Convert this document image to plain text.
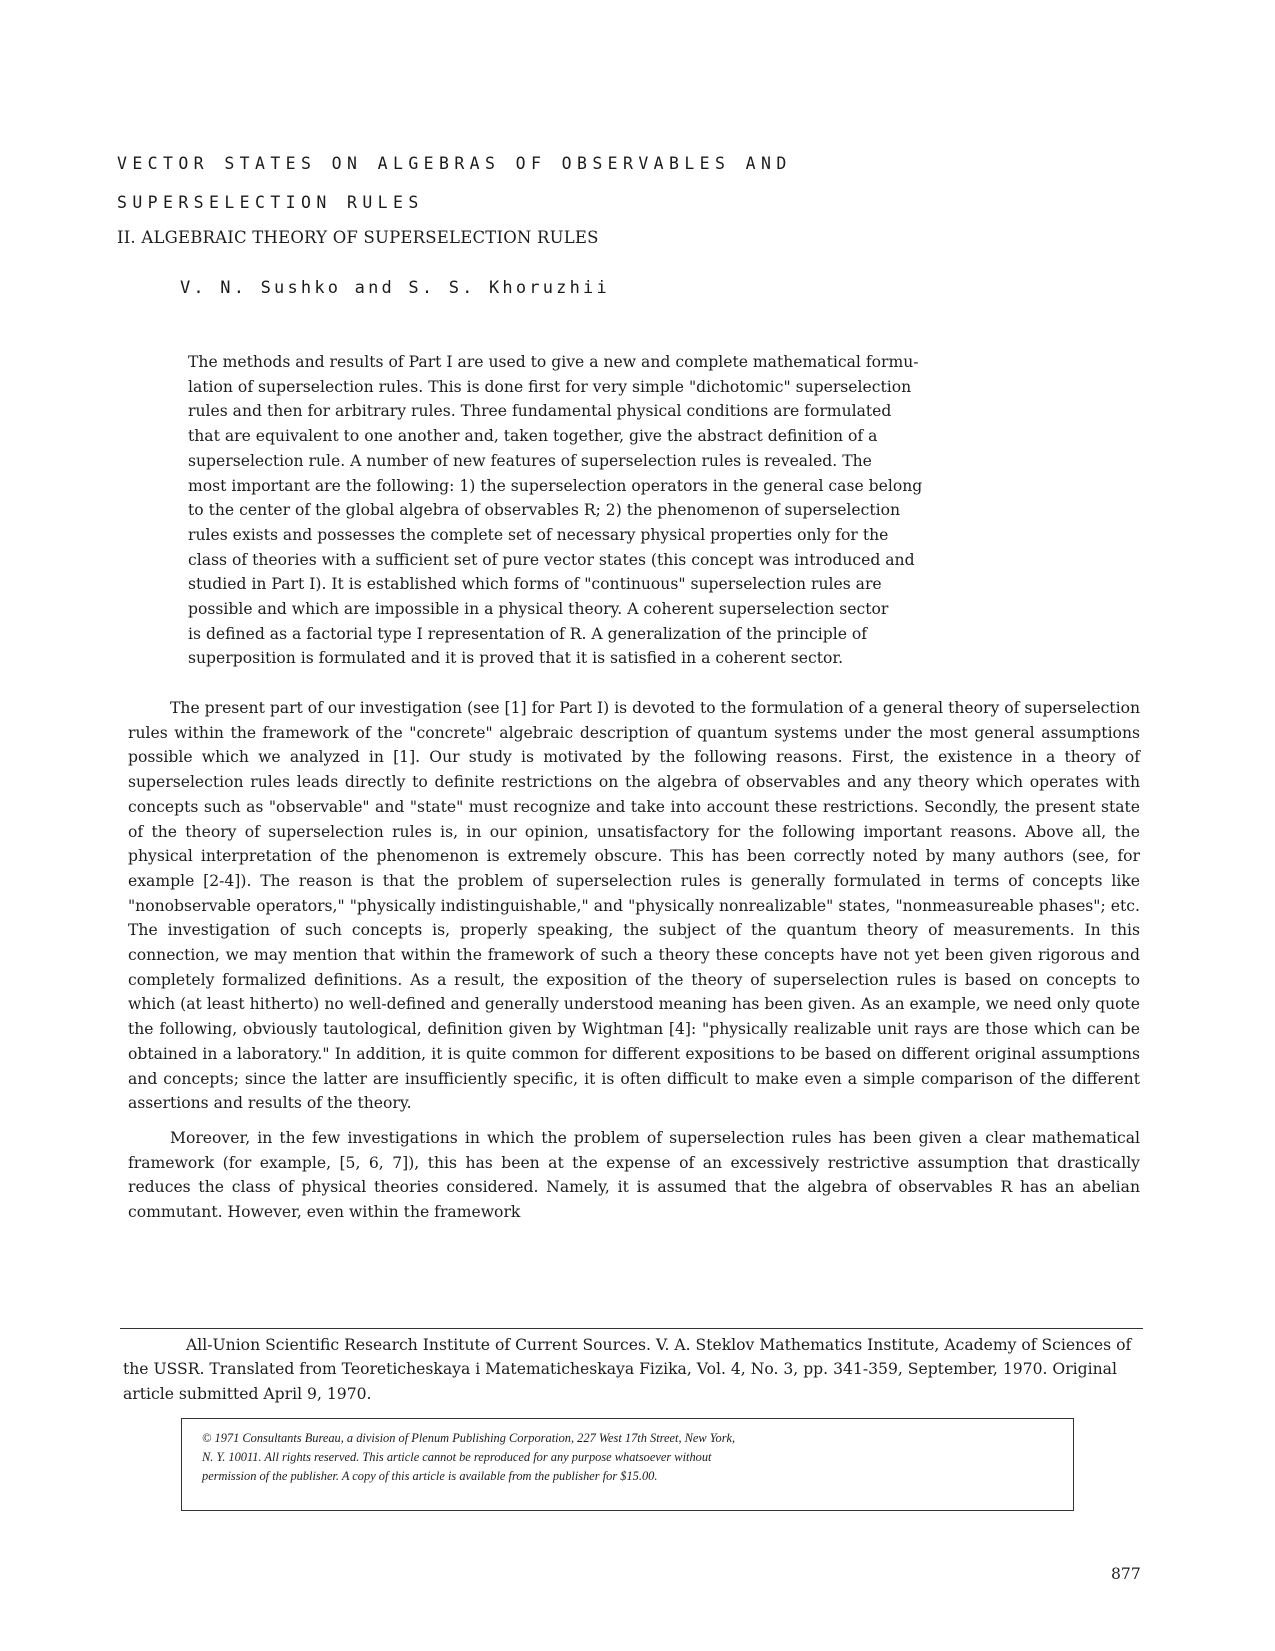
VECTOR STATES ON ALGEBRAS OF OBSERVABLES AND
SUPERSELECTION RULES
II. ALGEBRAIC THEORY OF SUPERSELECTION RULES
V. N. Sushko and S. S. Khoruzhii
The methods and results of Part I are used to give a new and complete mathematical formu-
lation of superselection rules. This is done first for very simple "dichotomic" superselection
rules and then for arbitrary rules. Three fundamental physical conditions are formulated
that are equivalent to one another and, taken together, give the abstract definition of a
superselection rule. A number of new features of superselection rules is revealed. The
most important are the following: 1) the superselection operators in the general case belong
to the center of the global algebra of observables R; 2) the phenomenon of superselection
rules exists and possesses the complete set of necessary physical properties only for the
class of theories with a sufficient set of pure vector states (this concept was introduced and
studied in Part I). It is established which forms of "continuous" superselection rules are
possible and which are impossible in a physical theory. A coherent superselection sector
is defined as a factorial type I representation of R. A generalization of the principle of
superposition is formulated and it is proved that it is satisfied in a coherent sector.

The present part of our investigation (see [1] for Part I) is devoted to the formulation of a general theory of superselection rules within the framework of the "concrete" algebraic description of quantum systems under the most general assumptions possible which we analyzed in [1]. Our study is motivated by the following reasons. First, the existence in a theory of superselection rules leads directly to definite restrictions on the algebra of observables and any theory which operates with concepts such as "observable" and "state" must recognize and take into account these restrictions. Secondly, the present state of the theory of superselection rules is, in our opinion, unsatisfactory for the following important reasons. Above all, the physical interpretation of the phenomenon is extremely obscure. This has been correctly noted by many authors (see, for example [2-4]). The reason is that the problem of superselection rules is generally formulated in terms of concepts like "nonobservable operators," "physically indistinguishable," and "physically nonrealizable" states, "nonmeasureable phases"; etc. The investigation of such concepts is, properly speaking, the subject of the quantum theory of measurements. In this connection, we may mention that within the framework of such a theory these concepts have not yet been given rigorous and completely formalized definitions. As a result, the exposition of the theory of superselection rules is based on concepts to which (at least hitherto) no well-defined and generally understood meaning has been given. As an example, we need only quote the following, obviously tautological, definition given by Wightman [4]: "physically realizable unit rays are those which can be obtained in a laboratory." In addition, it is quite common for different expositions to be based on different original assumptions and concepts; since the latter are insufficiently specific, it is often difficult to make even a simple comparison of the different assertions and results of the theory.

Moreover, in the few investigations in which the problem of superselection rules has been given a clear mathematical framework (for example, [5, 6, 7]), this has been at the expense of an excessively restrictive assumption that drastically reduces the class of physical theories considered. Namely, it is assumed that the algebra of observables R has an abelian commutant. However, even within the framework

All-Union Scientific Research Institute of Current Sources. V. A. Steklov Mathematics Institute, Academy of Sciences of the USSR. Translated from Teoreticheskaya i Matematicheskaya Fizika, Vol. 4, No. 3, pp. 341-359, September, 1970. Original article submitted April 9, 1970.

© 1971 Consultants Bureau, a division of Plenum Publishing Corporation, 227 West 17th Street, New York,
N. Y. 10011. All rights reserved. This article cannot be reproduced for any purpose whatsoever without
permission of the publisher. A copy of this article is available from the publisher for $15.00.
877
